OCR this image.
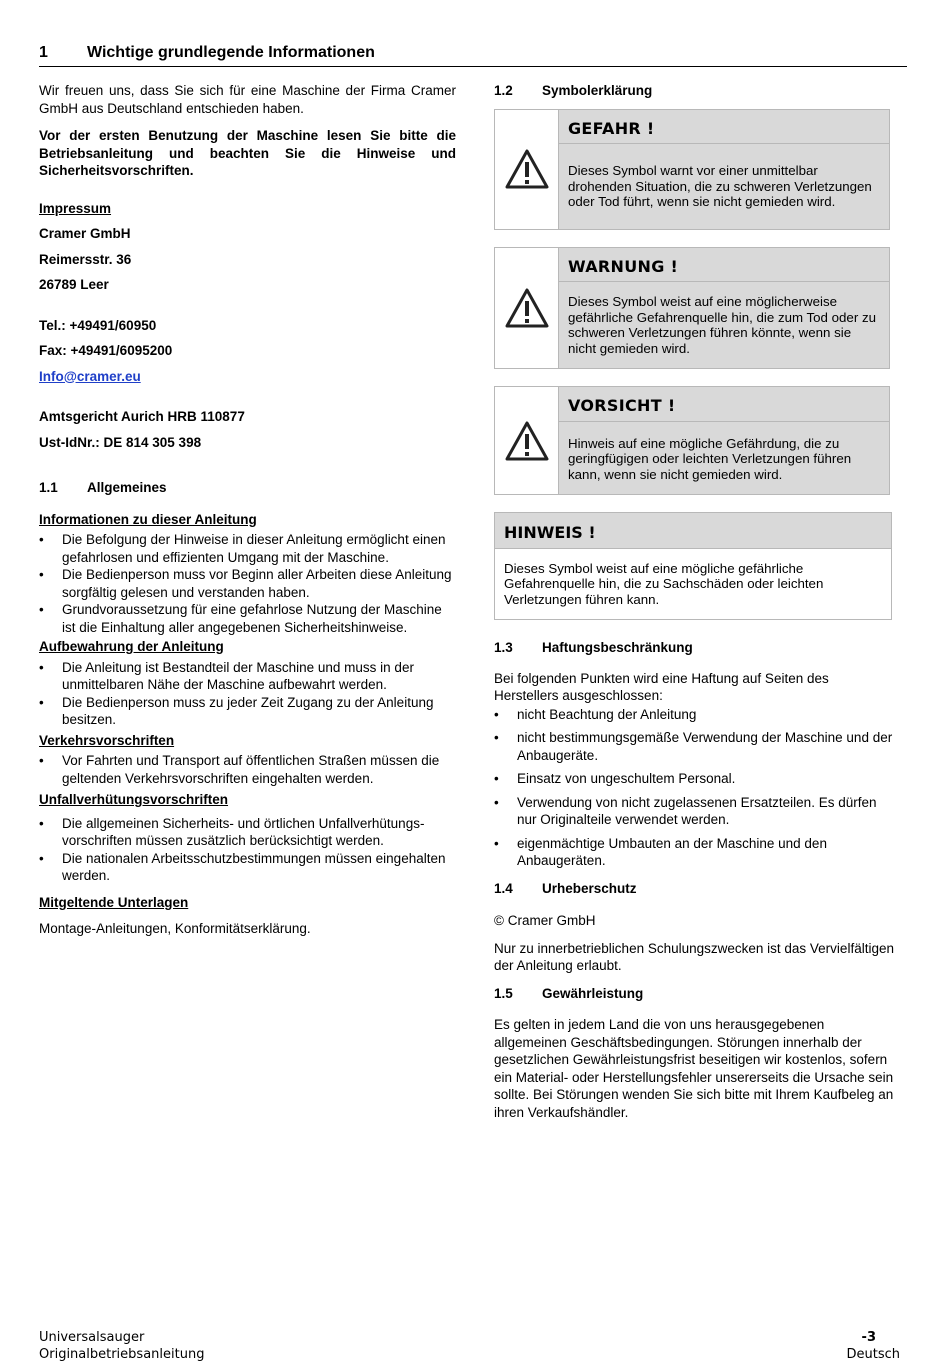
1 Wichtige grundlegende Informationen

Wir freuen uns, dass Sie sich für eine Maschine der Firma Cramer GmbH aus Deutschland entschieden haben.

Vor der ersten Benutzung der Maschine lesen Sie bitte die Betriebsanleitung und beachten Sie die Hinweise und Sicherheitsvorschriften.

Impressum

Cramer GmbH

Reimersstr. 36

26789 Leer

Tel.: +49491/60950

Fax: +49491/6095200

Info@cramer.eu

Amtsgericht Aurich HRB 110877

Ust-IdNr.: DE 814 305 398

1.1 Allgemeines

Informationen zu dieser Anleitung

• Die Befolgung der Hinweise in dieser Anleitung ermöglicht einen gefahrlosen und effizienten Umgang mit der Maschine.
• Die Bedienperson muss vor Beginn aller Arbeiten diese Anleitung sorgfältig gelesen und verstanden haben.
• Grundvoraussetzung für eine gefahrlose Nutzung der Maschine ist die Einhaltung aller angegebenen Sicherheitshinweise.

Aufbewahrung der Anleitung

• Die Anleitung ist Bestandteil der Maschine und muss in der unmittelbaren Nähe der Maschine aufbewahrt werden.
• Die Bedienperson muss zu jeder Zeit Zugang zu der Anleitung besitzen.

Verkehrsvorschriften

• Vor Fahrten und Transport auf öffentlichen Straßen müssen die geltenden Verkehrsvorschriften eingehalten werden.

Unfallverhütungsvorschriften

• Die allgemeinen Sicherheits- und örtlichen Unfallverhütungs-vorschriften müssen zusätzlich berücksichtigt werden.
• Die nationalen Arbeitsschutzbestimmungen müssen eingehalten werden.

Mitgeltende Unterlagen

Montage-Anleitungen, Konformitätserklärung.

1.2 Symbolerklärung

GEFAHR !
Dieses Symbol warnt vor einer unmittelbar drohenden Situation, die zu schweren Verletzungen oder Tod führt, wenn sie nicht gemieden wird.
WARNUNG !
Dieses Symbol weist auf eine möglicherweise gefährliche Gefahrenquelle hin, die zum Tod oder zu schweren Verletzungen führen könnte, wenn sie nicht gemieden wird.
VORSICHT !
Hinweis auf eine mögliche Gefährdung, die zu geringfügigen oder leichten Verletzungen führen kann, wenn sie nicht gemieden wird.
HINWEIS !
Dieses Symbol weist auf eine mögliche gefährliche Gefahrenquelle hin, die zu Sachschäden oder leichten Verletzungen führen kann.

1.3 Haftungsbeschränkung

Bei folgenden Punkten wird eine Haftung auf Seiten des Herstellers ausgeschlossen:

• nicht Beachtung der Anleitung
• nicht bestimmungsgemäße Verwendung der Maschine und der Anbaugeräte.
• Einsatz von ungeschultem Personal.
• Verwendung von nicht zugelassenen Ersatzteilen. Es dürfen nur Originalteile verwendet werden.
• eigenmächtige Umbauten an der Maschine und den Anbaugeräten.

1.4 Urheberschutz

© Cramer GmbH

Nur zu innerbetrieblichen Schulungszwecken ist das Vervielfältigen der Anleitung erlaubt.

1.5 Gewährleistung

Es gelten in jedem Land die von uns herausgegebenen allgemeinen Geschäftsbedingungen. Störungen innerhalb der gesetzlichen Gewährleistungsfrist beseitigen wir kostenlos, sofern ein Material- oder Herstellungsfehler unsererseits die Ursache sein sollte. Bei Störungen wenden Sie sich bitte mit Ihrem Kaufbeleg an ihren Verkaufshändler.

Universalsauger
Originalbetriebsanleitung
-3
Deutsch
